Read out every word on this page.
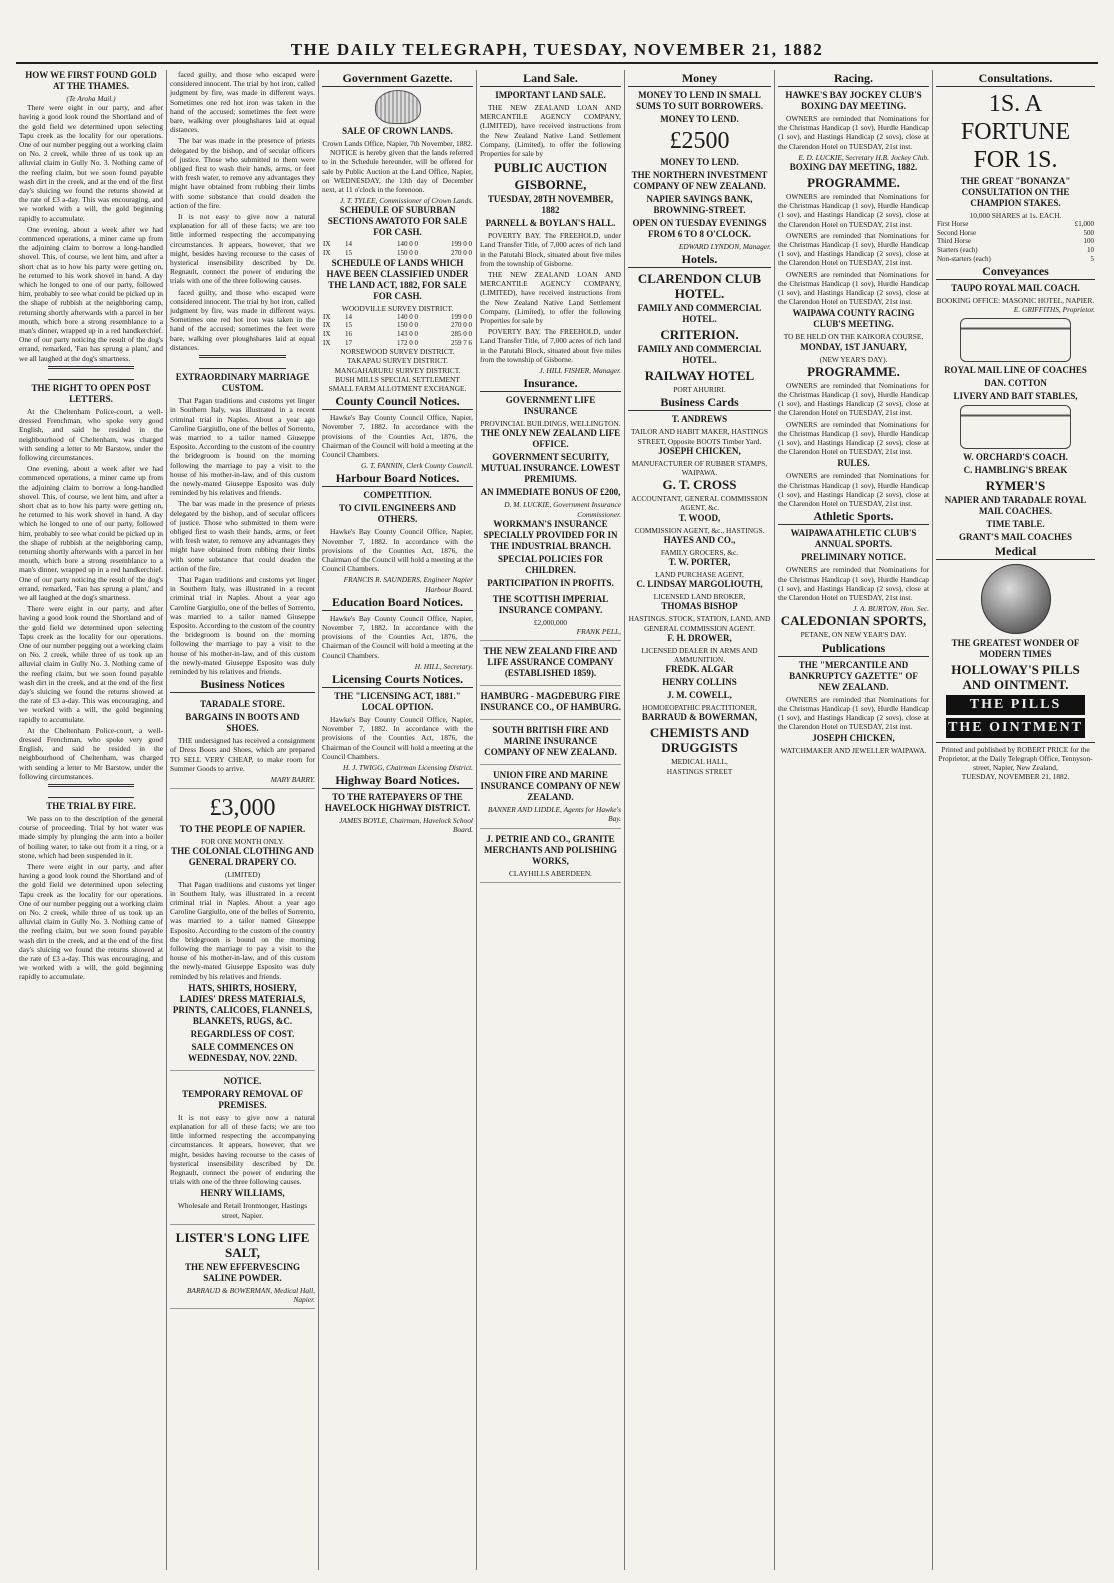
THE DAILY TELEGRAPH, TUESDAY, NOVEMBER 21, 1882
HOW WE FIRST FOUND GOLD AT THE THAMES.
(Te Aroha Mail.)
There were eight in our party, and after having a good look round the Shortland and of the gold field we determined upon selecting Tapu creek as the locality for our operations. One of our number pegging out a working claim on No. 2 creek, while three of us took up an alluvial claim in Gully No. 3. Nothing came of the reefing claim, but we soon found payable wash dirt in the creek, and at the end of the first day's sluicing we found the returns showed at the rate of £3 a-day. This was encouraging, and we worked with a will, the gold beginning rapidly to accumulate.
One evening, about a week after we had commenced operations, a miner came up from the adjoining claim to borrow a long-handled shovel. This, of course, we lent him, and after a short chat as to how his party were getting on, he returned to his work shovel in hand. A day which he longed to one of our party, followed him, probably to see what could be picked up in the shape of rubbish at the neighboring camp, returning shortly afterwards with a parcel in her mouth, which bore a strong resemblance to a man's dinner, wrapped up in a red handkerchief. One of our party noticing the result of the dog's errand, remarked, 'Fan has sprung a plant,' and we all laughed at the dog's smartness.
THE RIGHT TO OPEN POST LETTERS.
At the Cheltenham Police-court, a well-dressed Frenchman, who spoke very good English, and said he resided in the neighbourhood of Cheltenham, was charged with sending a letter to Mr Barstow, under the following circumstances.
One evening, about a week after we had commenced operations, a miner came up from the adjoining claim to borrow a long-handled shovel. This, of course, we lent him, and after a short chat as to how his party were getting on, he returned to his work shovel in hand. A day which he longed to one of our party, followed him, probably to see what could be picked up in the shape of rubbish at the neighboring camp, returning shortly afterwards with a parcel in her mouth, which bore a strong resemblance to a man's dinner, wrapped up in a red handkerchief. One of our party noticing the result of the dog's errand, remarked, 'Fan has sprung a plant,' and we all laughed at the dog's smartness.
There were eight in our party, and after having a good look round the Shortland and of the gold field we determined upon selecting Tapu creek as the locality for our operations. One of our number pegging out a working claim on No. 2 creek, while three of us took up an alluvial claim in Gully No. 3. Nothing came of the reefing claim, but we soon found payable wash dirt in the creek, and at the end of the first day's sluicing we found the returns showed at the rate of £3 a-day. This was encouraging, and we worked with a will, the gold beginning rapidly to accumulate.
At the Cheltenham Police-court, a well-dressed Frenchman, who spoke very good English, and said he resided in the neighbourhood of Cheltenham, was charged with sending a letter to Mr Barstow, under the following circumstances.
THE TRIAL BY FIRE.
We pass on to the description of the general course of proceeding. Trial by hot water was made simply by plunging the arm into a boiler of boiling water, to take out from it a ring, or a stone, which had been suspended in it.
There were eight in our party, and after having a good look round the Shortland and of the gold field we determined upon selecting Tapu creek as the locality for our operations. One of our number pegging out a working claim on No. 2 creek, while three of us took up an alluvial claim in Gully No. 3. Nothing came of the reefing claim, but we soon found payable wash dirt in the creek, and at the end of the first day's sluicing we found the returns showed at the rate of £3 a-day. This was encouraging, and we worked with a will, the gold beginning rapidly to accumulate.
faced guilty, and those who escaped were considered innocent. The trial by hot iron, called judgment by fire, was made in different ways. Sometimes one red hot iron was taken in the hand of the accused; sometimes the feet were bare, walking over ploughshares laid at equal distances.
The bar was made in the presence of priests delegated by the bishop, and of secular officers of justice. Those who submitted to them were obliged first to wash their hands, arms, or feet with fresh water, to remove any advantages they might have obtained from rubbing their limbs with some substance that could deaden the action of the fire.
It is not easy to give now a natural explanation for all of these facts; we are too little informed respecting the accompanying circumstances. It appears, however, that we might, besides having recourse to the cases of hysterical insensibility described by Dr. Regnault, connect the power of enduring the trials with one of the three following causes.
faced guilty, and those who escaped were considered innocent. The trial by hot iron, called judgment by fire, was made in different ways. Sometimes one red hot iron was taken in the hand of the accused; sometimes the feet were bare, walking over ploughshares laid at equal distances.
EXTRAORDINARY MARRIAGE CUSTOM.
That Pagan traditions and customs yet linger in Southern Italy, was illustrated in a recent criminal trial in Naples. About a year ago Caroline Gargiullo, one of the belles of Sorrento, was married to a tailor named Giuseppe Esposito. According to the custom of the country the bridegroom is bound on the morning following the marriage to pay a visit to the house of his mother-in-law, and of this custom the newly-mated Giuseppe Esposito was duly reminded by his relatives and friends.
The bar was made in the presence of priests delegated by the bishop, and of secular officers of justice. Those who submitted to them were obliged first to wash their hands, arms, or feet with fresh water, to remove any advantages they might have obtained from rubbing their limbs with some substance that could deaden the action of the fire.
That Pagan traditions and customs yet linger in Southern Italy, was illustrated in a recent criminal trial in Naples. About a year ago Caroline Gargiullo, one of the belles of Sorrento, was married to a tailor named Giuseppe Esposito. According to the custom of the country the bridegroom is bound on the morning following the marriage to pay a visit to the house of his mother-in-law, and of this custom the newly-mated Giuseppe Esposito was duly reminded by his relatives and friends.
Business Notices
TARADALE STORE.
BARGAINS IN BOOTS AND SHOES.
THE undersigned has received a consignment of Dress Boots and Shoes, which are prepared TO SELL VERY CHEAP, to make room for Summer Goods to arrive.
MARY BARRY.
£3,000
TO THE PEOPLE OF NAPIER.
FOR ONE MONTH ONLY.
THE COLONIAL CLOTHING AND GENERAL DRAPERY CO.
(LIMITED)
That Pagan traditions and customs yet linger in Southern Italy, was illustrated in a recent criminal trial in Naples. About a year ago Caroline Gargiullo, one of the belles of Sorrento, was married to a tailor named Giuseppe Esposito. According to the custom of the country the bridegroom is bound on the morning following the marriage to pay a visit to the house of his mother-in-law, and of this custom the newly-mated Giuseppe Esposito was duly reminded by his relatives and friends.
HATS, SHIRTS, HOSIERY, LADIES' DRESS MATERIALS, PRINTS, CALICOES, FLANNELS, BLANKETS, RUGS, &C.
REGARDLESS OF COST.
SALE COMMENCES ON WEDNESDAY, NOV. 22ND.
NOTICE.
TEMPORARY REMOVAL OF PREMISES.
It is not easy to give now a natural explanation for all of these facts; we are too little informed respecting the accompanying circumstances. It appears, however, that we might, besides having recourse to the cases of hysterical insensibility described by Dr. Regnault, connect the power of enduring the trials with one of the three following causes.
HENRY WILLIAMS,
Wholesale and Retail Ironmonger, Hastings street, Napier.
LISTER'S LONG LIFE SALT,
THE NEW EFFERVESCING SALINE POWDER.
BARRAUD & BOWERMAN, Medical Hall, Napier.
Government Gazette.
SALE OF CROWN LANDS.
Crown Lands Office, Napier, 7th November, 1882.
NOTICE is hereby given that the lands referred to in the Schedule hereunder, will be offered for sale by Public Auction at the Land Office, Napier, on WEDNESDAY, the 13th day of December next, at 11 o'clock in the forenoon.
J. T. TYLEE, Commissioner of Crown Lands.
SCHEDULE OF SUBURBAN SECTIONS AWATOTO FOR SALE FOR CASH.
IX	14	140 0 0	199 0 0
IX	15	150 0 0	270 0 0
SCHEDULE OF LANDS WHICH HAVE BEEN CLASSIFIED UNDER THE LAND ACT, 1882, FOR SALE FOR CASH.
WOODVILLE SURVEY DISTRICT.
IX	14	140 0 0	199 0 0
IX	15	150 0 0	270 0 0
IX	16	143 0 0	285 0 0
IX	17	172 0 0	259 7 6
NORSEWOOD SURVEY DISTRICT.
TAKAPAU SURVEY DISTRICT.
MANGAHARURU SURVEY DISTRICT.
BUSH MILLS SPECIAL SETTLEMENT
SMALL FARM ALLOTMENT EXCHANGE.
County Council Notices.
Hawke's Bay County Council Office, Napier, November 7, 1882. In accordance with the provisions of the Counties Act, 1876, the Chairman of the Council will hold a meeting at the Council Chambers.
G. T. FANNIN, Clerk County Council.
Harbour Board Notices.
COMPETITION.
TO CIVIL ENGINEERS AND OTHERS.
Hawke's Bay County Council Office, Napier, November 7, 1882. In accordance with the provisions of the Counties Act, 1876, the Chairman of the Council will hold a meeting at the Council Chambers.
FRANCIS R. SAUNDERS, Engineer Napier Harbour Board.
Education Board Notices.
Hawke's Bay County Council Office, Napier, November 7, 1882. In accordance with the provisions of the Counties Act, 1876, the Chairman of the Council will hold a meeting at the Council Chambers.
H. HILL, Secretary.
Licensing Courts Notices.
THE "LICENSING ACT, 1881." LOCAL OPTION.
Hawke's Bay County Council Office, Napier, November 7, 1882. In accordance with the provisions of the Counties Act, 1876, the Chairman of the Council will hold a meeting at the Council Chambers.
H. J. TWIGG, Chairman Licensing District.
Highway Board Notices.
TO THE RATEPAYERS OF THE HAVELOCK HIGHWAY DISTRICT.
JAMES BOYLE, Chairman, Havelock School Board.
Land Sale.
IMPORTANT LAND SALE.
THE NEW ZEALAND LOAN AND MERCANTILE AGENCY COMPANY, (LIMITED), have received instructions from the New Zealand Native Land Settlement Company, (Limited), to offer the following Properties for sale by
PUBLIC AUCTION
GISBORNE,
TUESDAY, 28TH NOVEMBER, 1882
PARNELL & BOYLAN'S HALL.
POVERTY BAY. The FREEHOLD, under Land Transfer Title, of 7,000 acres of rich land in the Patutahi Block, situated about five miles from the township of Gisborne.
THE NEW ZEALAND LOAN AND MERCANTILE AGENCY COMPANY, (LIMITED), have received instructions from the New Zealand Native Land Settlement Company, (Limited), to offer the following Properties for sale by
POVERTY BAY. The FREEHOLD, under Land Transfer Title, of 7,000 acres of rich land in the Patutahi Block, situated about five miles from the township of Gisborne.
J. HILL FISHER, Manager.
Insurance.
GOVERNMENT LIFE INSURANCE
PROVINCIAL BUILDINGS, WELLINGTON.
THE ONLY NEW ZEALAND LIFE OFFICE.
GOVERNMENT SECURITY, MUTUAL INSURANCE. LOWEST PREMIUMS.
AN IMMEDIATE BONUS OF £200,
D. M. LUCKIE, Government Insurance Commissioner.
WORKMAN'S INSURANCE SPECIALLY PROVIDED FOR IN THE INDUSTRIAL BRANCH.
SPECIAL POLICIES FOR CHILDREN.
PARTICIPATION IN PROFITS.
THE SCOTTISH IMPERIAL INSURANCE COMPANY.
£2,000,000
FRANK PELL,
THE NEW ZEALAND FIRE AND LIFE ASSURANCE COMPANY (ESTABLISHED 1859).
HAMBURG - MAGDEBURG FIRE INSURANCE CO., OF HAMBURG.
SOUTH BRITISH FIRE AND MARINE INSURANCE COMPANY OF NEW ZEALAND.
UNION FIRE AND MARINE INSURANCE COMPANY OF NEW ZEALAND.
BANNER AND LIDDLE, Agents for Hawke's Bay.
J. PETRIE AND CO., GRANITE MERCHANTS AND POLISHING WORKS,
CLAYHILLS ABERDEEN.
Money
MONEY TO LEND IN SMALL SUMS TO SUIT BORROWERS.
MONEY TO LEND.
£2500
MONEY TO LEND.
THE NORTHERN INVESTMENT COMPANY OF NEW ZEALAND.
NAPIER SAVINGS BANK, BROWNING-STREET.
OPEN ON TUESDAY EVENINGS FROM 6 TO 8 O'CLOCK.
EDWARD LYNDON, Manager.
Hotels.
CLARENDON CLUB HOTEL.
FAMILY AND COMMERCIAL HOTEL.
CRITERION.
FAMILY AND COMMERCIAL HOTEL.
RAILWAY HOTEL
PORT AHURIRI.
Business Cards
T. ANDREWS
TAILOR AND HABIT MAKER, HASTINGS STREET, Opposite BOOTS Timber Yard.
JOSEPH CHICKEN,
MANUFACTURER OF RUBBER STAMPS, WAIPAWA.
G. T. CROSS
ACCOUNTANT, GENERAL COMMISSION AGENT, &c.
T. WOOD,
COMMISSION AGENT, &c., HASTINGS.
HAYES AND CO.,
FAMILY GROCERS, &c.
T. W. PORTER,
LAND PURCHASE AGENT,
C. LINDSAY MARGOLIOUTH,
LICENSED LAND BROKER,
THOMAS BISHOP
HASTINGS. STOCK, STATION, LAND, AND GENERAL COMMISSION AGENT.
F. H. DROWER,
LICENSED DEALER IN ARMS AND AMMUNITION.
FREDK. ALGAR
HENRY COLLINS
J. M. COWELL,
HOMOEOPATHIC PRACTITIONER,
BARRAUD & BOWERMAN,
CHEMISTS AND DRUGGISTS
MEDICAL HALL,
HASTINGS STREET
Racing.
HAWKE'S BAY JOCKEY CLUB'S BOXING DAY MEETING.
OWNERS are reminded that Nominations for the Christmas Handicap (1 sov), Hurdle Handicap (1 sov), and Hastings Handicap (2 sovs), close at the Clarendon Hotel on TUESDAY, 21st inst.
E. D. LUCKIE, Secretary H.B. Jockey Club.
BOXING DAY MEETING, 1882.
PROGRAMME.
OWNERS are reminded that Nominations for the Christmas Handicap (1 sov), Hurdle Handicap (1 sov), and Hastings Handicap (2 sovs), close at the Clarendon Hotel on TUESDAY, 21st inst.
OWNERS are reminded that Nominations for the Christmas Handicap (1 sov), Hurdle Handicap (1 sov), and Hastings Handicap (2 sovs), close at the Clarendon Hotel on TUESDAY, 21st inst.
OWNERS are reminded that Nominations for the Christmas Handicap (1 sov), Hurdle Handicap (1 sov), and Hastings Handicap (2 sovs), close at the Clarendon Hotel on TUESDAY, 21st inst.
WAIPAWA COUNTY RACING CLUB'S MEETING.
TO BE HELD ON THE KAIKORA COURSE,
MONDAY, 1ST JANUARY,
(NEW YEAR'S DAY).
PROGRAMME.
OWNERS are reminded that Nominations for the Christmas Handicap (1 sov), Hurdle Handicap (1 sov), and Hastings Handicap (2 sovs), close at the Clarendon Hotel on TUESDAY, 21st inst.
OWNERS are reminded that Nominations for the Christmas Handicap (1 sov), Hurdle Handicap (1 sov), and Hastings Handicap (2 sovs), close at the Clarendon Hotel on TUESDAY, 21st inst.
RULES.
OWNERS are reminded that Nominations for the Christmas Handicap (1 sov), Hurdle Handicap (1 sov), and Hastings Handicap (2 sovs), close at the Clarendon Hotel on TUESDAY, 21st inst.
Athletic Sports.
WAIPAWA ATHLETIC CLUB'S ANNUAL SPORTS.
PRELIMINARY NOTICE.
OWNERS are reminded that Nominations for the Christmas Handicap (1 sov), Hurdle Handicap (1 sov), and Hastings Handicap (2 sovs), close at the Clarendon Hotel on TUESDAY, 21st inst.
J. A. BURTON, Hon. Sec.
CALEDONIAN SPORTS,
PETANE, ON NEW YEAR'S DAY.
Publications
THE "MERCANTILE AND BANKRUPTCY GAZETTE" OF NEW ZEALAND.
OWNERS are reminded that Nominations for the Christmas Handicap (1 sov), Hurdle Handicap (1 sov), and Hastings Handicap (2 sovs), close at the Clarendon Hotel on TUESDAY, 21st inst.
JOSEPH CHICKEN,
WATCHMAKER AND JEWELLER WAIPAWA.
Consultations.
1S. A FORTUNE FOR 1S.
THE GREAT "BONANZA" CONSULTATION ON THE CHAMPION STAKES.
10,000 SHARES at 1s. EACH.
First Horse	£1,000
Second Horse	500
Third Horse	100
Starters (each)	10
Non-starters (each)	5
Conveyances
TAUPO ROYAL MAIL COACH.
BOOKING OFFICE: MASONIC HOTEL, NAPIER.
E. GRIFFITHS, Proprietor.
ROYAL MAIL LINE OF COACHES
DAN. COTTON
LIVERY AND BAIT STABLES,
W. ORCHARD'S COACH.
C. HAMBLING'S BREAK
RYMER'S
NAPIER AND TARADALE ROYAL MAIL COACHES.
TIME TABLE.
GRANT'S MAIL COACHES
Medical
THE GREATEST WONDER OF MODERN TIMES
HOLLOWAY'S PILLS AND OINTMENT.
THE PILLS
THE OINTMENT
Printed and published by ROBERT PRICE for the Proprietor, at the Daily Telegraph Office, Tennyson-street, Napier, New Zealand,
TUESDAY, NOVEMBER 21, 1882.
